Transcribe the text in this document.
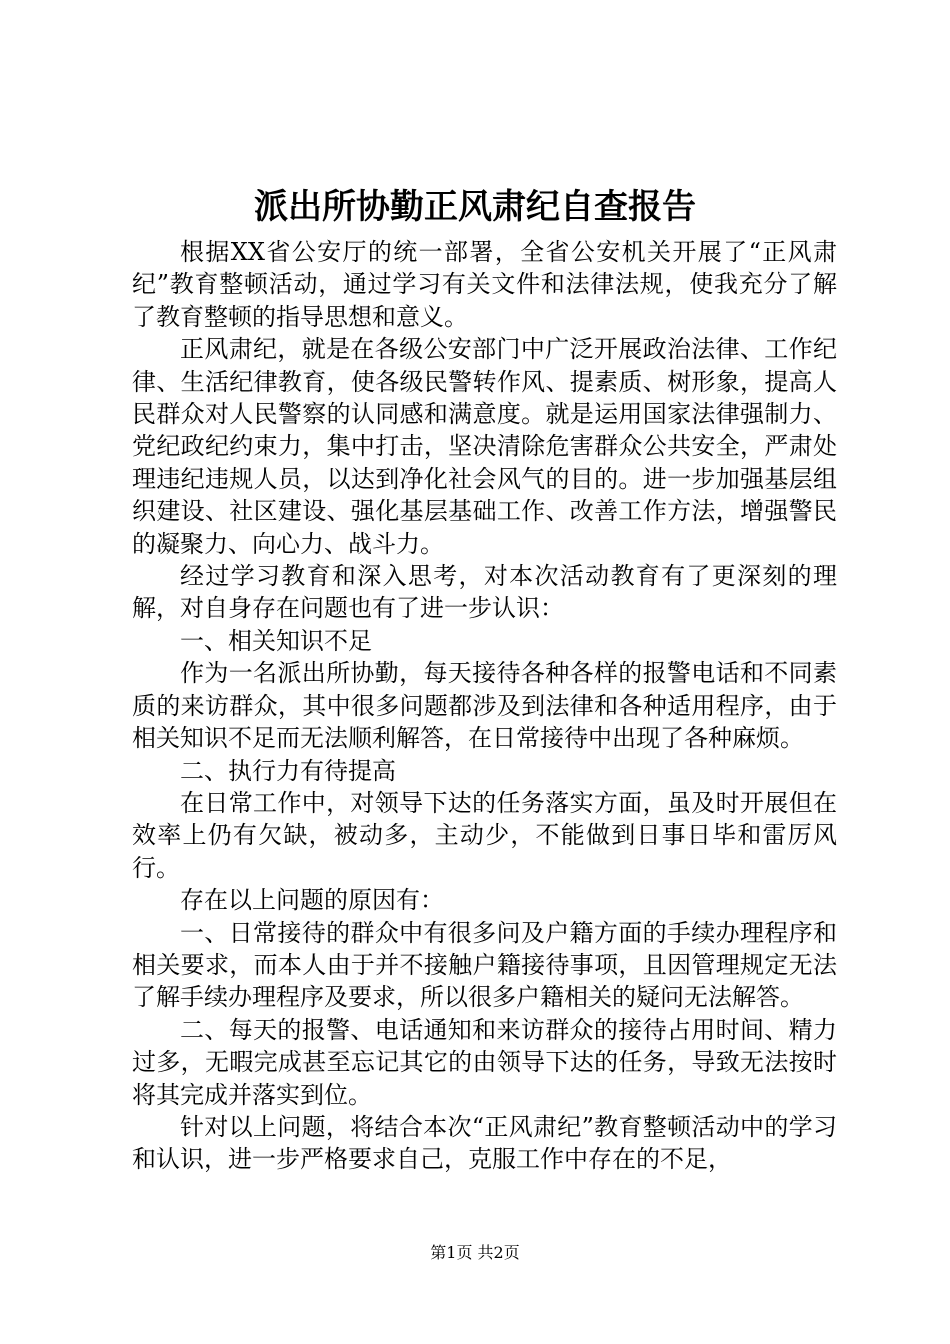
派出所协勤正风肃纪自查报告

根据XX省公安厅的统一部署，全省公安机关开展了“正风肃纪”教育整顿活动，通过学习有关文件和法律法规，使我充分了解了教育整顿的指导思想和意义。

正风肃纪，就是在各级公安部门中广泛开展政治法律、工作纪律、生活纪律教育，使各级民警转作风、提素质、树形象，提高人民群众对人民警察的认同感和满意度。就是运用国家法律强制力、党纪政纪约束力，集中打击，坚决清除危害群众公共安全，严肃处理违纪违规人员，以达到净化社会风气的目的。进一步加强基层组织建设、社区建设、强化基层基础工作、改善工作方法，增强警民的凝聚力、向心力、战斗力。

经过学习教育和深入思考，对本次活动教育有了更深刻的理解，对自身存在问题也有了进一步认识：

一、相关知识不足

作为一名派出所协勤，每天接待各种各样的报警电话和不同素质的来访群众，其中很多问题都涉及到法律和各种适用程序，由于相关知识不足而无法顺利解答，在日常接待中出现了各种麻烦。

二、执行力有待提高

在日常工作中，对领导下达的任务落实方面，虽及时开展但在效率上仍有欠缺，被动多，主动少，不能做到日事日毕和雷厉风行。

存在以上问题的原因有：

一、日常接待的群众中有很多问及户籍方面的手续办理程序和相关要求，而本人由于并不接触户籍接待事项，且因管理规定无法了解手续办理程序及要求，所以很多户籍相关的疑问无法解答。

二、每天的报警、电话通知和来访群众的接待占用时间、精力过多，无暇完成甚至忘记其它的由领导下达的任务，导致无法按时将其完成并落实到位。

针对以上问题，将结合本次“正风肃纪”教育整顿活动中的学习和认识，进一步严格要求自己，克服工作中存在的不足，

第1页 共2页
